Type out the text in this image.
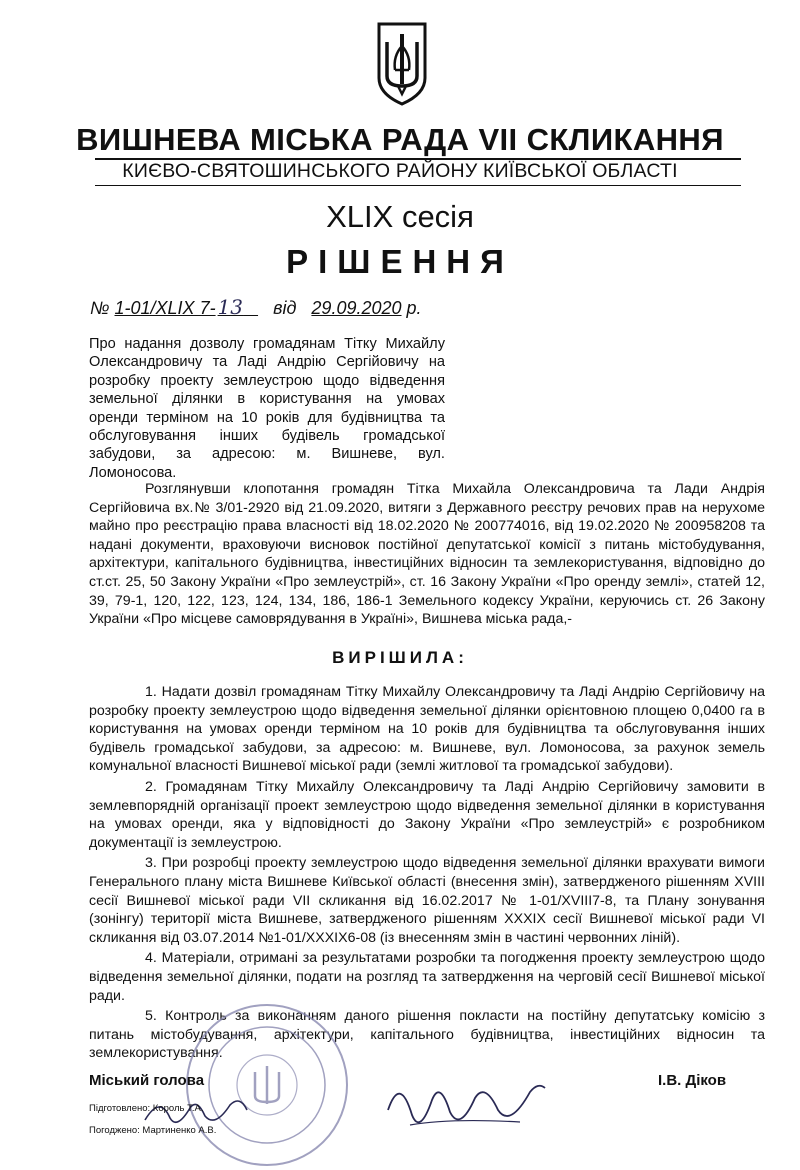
ВИШНЕВА МІСЬКА РАДА VII СКЛИКАННЯ
КИЄВО-СВЯТОШИНСЬКОГО РАЙОНУ КИЇВСЬКОЇ ОБЛАСТІ
XLIX сесія
РІШЕННЯ
№ 1-01/XLIX 7- 13 від 29.09.2020 р.
Про надання дозволу громадянам Тітку Михайлу Олександровичу та Ладі Андрію Сергійовичу на розробку проекту землеустрою щодо відведення земельної ділянки в користування на умовах оренди терміном на 10 років для будівництва та обслуговування інших будівель громадської забудови, за адресою: м. Вишневе, вул. Ломоносова.
Розглянувши клопотання громадян Тітка Михайла Олександровича та Лади Андрія Сергійовича вх.№ 3/01-2920 від 21.09.2020, витяги з Державного реєстру речових прав на нерухоме майно про реєстрацію права власності від 18.02.2020 № 200774016, від 19.02.2020 № 200958208 та надані документи, враховуючи висновок постійної депутатської комісії з питань містобудування, архітектури, капітального будівництва, інвестиційних відносин та землекористування, відповідно до ст.ст. 25, 50 Закону України «Про землеустрій», ст. 16 Закону України «Про оренду землі», статей 12, 39, 79-1, 120, 122, 123, 124, 134, 186, 186-1 Земельного кодексу України, керуючись ст. 26 Закону України «Про місцеве самоврядування в Україні», Вишнева міська рада,-
ВИРІШИЛА:

1. Надати дозвіл громадянам Тітку Михайлу Олександровичу та Ладі Андрію Сергійовичу на розробку проекту землеустрою щодо відведення земельної ділянки орієнтовною площею 0,0400 га в користування на умовах оренди терміном на 10 років для будівництва та обслуговування інших будівель громадської забудови, за адресою: м. Вишневе, вул. Ломоносова, за рахунок земель комунальної власності Вишневої міської ради (землі житлової та громадської забудови).

2. Громадянам Тітку Михайлу Олександровичу та Ладі Андрію Сергійовичу замовити в землевпорядній організації проект землеустрою щодо відведення земельної ділянки в користування на умовах оренди, яка у відповідності до Закону України «Про землеустрій» є розробником документації із землеустрою.

3. При розробці проекту землеустрою щодо відведення земельної ділянки врахувати вимоги Генерального плану міста Вишневе Київської області (внесення змін), затвердженого рішенням XVIII сесії Вишневої міської ради VII скликання від 16.02.2017 № 1-01/XVIII7-8, та Плану зонування (зонінгу) території міста Вишневе, затвердженого рішенням XXXIX сесії Вишневої міської ради VI скликання від 03.07.2014 №1-01/XXXIX6-08 (із внесенням змін в частині червонних ліній).

4. Матеріали, отримані за результатами розробки та погодження проекту землеустрою щодо відведення земельної ділянки, подати на розгляд та затвердження на черговій сесії Вишневої міської ради.

5. Контроль за виконанням даного рішення покласти на постійну депутатську комісію з питань містобудування, архітектури, капітального будівництва, інвестиційних відносин та землекористування.

Міський голова	І.В. Діков
Підготовлено: Король Т.А.
Погоджено: Мартиненко А.В.
